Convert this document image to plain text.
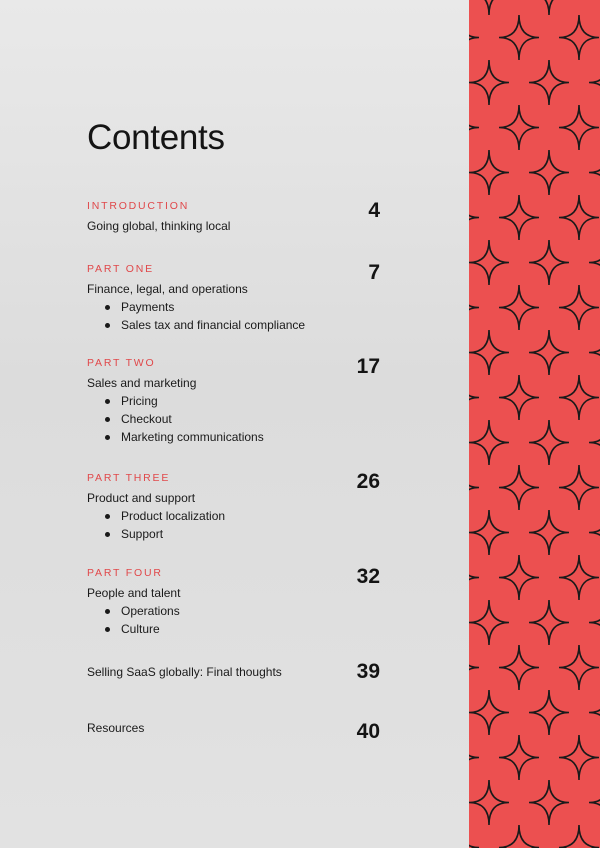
Contents
INTRODUCTION
Going global, thinking local
4
PART ONE
Finance, legal, and operations
Payments
Sales tax and financial compliance
7
PART TWO
Sales and marketing
Pricing
Checkout
Marketing communications
17
PART THREE
Product and support
Product localization
Support
26
PART FOUR
People and talent
Operations
Culture
32
Selling SaaS globally: Final thoughts	39
Resources	40
